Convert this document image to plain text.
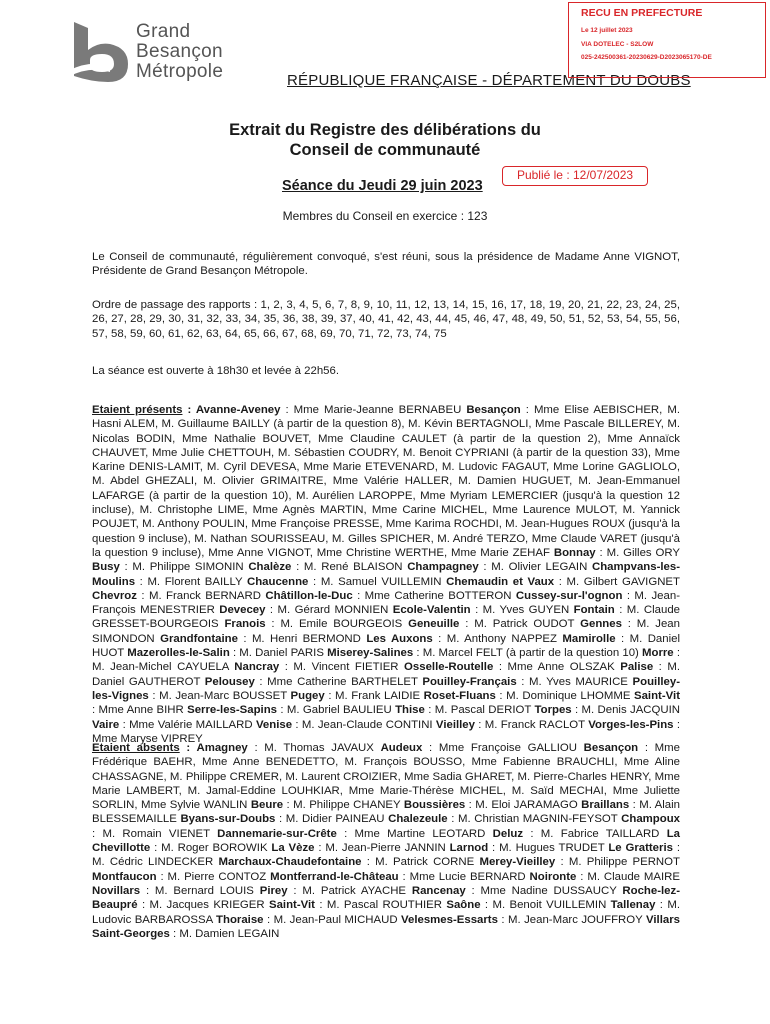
Grand
Besançon
Métropole	RÉPUBLIQUE FRANÇAISE - DÉPARTEMENT DU DOUBS
RECU EN PREFECTURE
Le 12 juillet 2023
VIA DOTELEC - S2LOW
025-242500361-20230629-D2023065170-DE
Extrait du Registre des délibérations du
Conseil de communauté
Publié le : 12/07/2023
Séance du Jeudi 29 juin 2023
Membres du Conseil en exercice : 123
Le Conseil de communauté, régulièrement convoqué, s'est réuni, sous la présidence de Madame Anne VIGNOT, Présidente de Grand Besançon Métropole.
Ordre de passage des rapports : 1, 2, 3, 4, 5, 6, 7, 8, 9, 10, 11, 12, 13, 14, 15, 16, 17, 18, 19, 20, 21, 22, 23, 24, 25, 26, 27, 28, 29, 30, 31, 32, 33, 34, 35, 36, 38, 39, 37, 40, 41, 42, 43, 44, 45, 46, 47, 48, 49, 50, 51, 52, 53, 54, 55, 56, 57, 58, 59, 60, 61, 62, 63, 64, 65, 66, 67, 68, 69, 70, 71, 72, 73, 74, 75
La séance est ouverte à 18h30 et levée à 22h56.
Etaient présents : Avanne-Aveney : Mme Marie-Jeanne BERNABEU Besançon : Mme Elise AEBISCHER, M. Hasni ALEM, M. Guillaume BAILLY (à partir de la question 8), M. Kévin BERTAGNOLI, Mme Pascale BILLEREY, M. Nicolas BODIN, Mme Nathalie BOUVET, Mme Claudine CAULET (à partir de la question 2), Mme Annaïck CHAUVET, Mme Julie CHETTOUH, M. Sébastien COUDRY, M. Benoit CYPRIANI (à partir de la question 33), Mme Karine DENIS-LAMIT, M. Cyril DEVESA, Mme Marie ETEVENARD, M. Ludovic FAGAUT, Mme Lorine GAGLIOLO, M. Abdel GHEZALI, M. Olivier GRIMAITRE, Mme Valérie HALLER, M. Damien HUGUET, M. Jean-Emmanuel LAFARGE (à partir de la question 10), M. Aurélien LAROPPE, Mme Myriam LEMERCIER (jusqu'à la question 12 incluse), M. Christophe LIME, Mme Agnès MARTIN, Mme Carine MICHEL, Mme Laurence MULOT, M. Yannick POUJET, M. Anthony POULIN, Mme Françoise PRESSE, Mme Karima ROCHDI, M. Jean-Hugues ROUX (jusqu'à la question 9 incluse), M. Nathan SOURISSEAU, M. Gilles SPICHER, M. André TERZO, Mme Claude VARET (jusqu'à la question 9 incluse), Mme Anne VIGNOT, Mme Christine WERTHE, Mme Marie ZEHAF Bonnay : M. Gilles ORY Busy : M. Philippe SIMONIN Chalèze : M. René BLAISON Champagney : M. Olivier LEGAIN Champvans-les-Moulins : M. Florent BAILLY Chaucenne : M. Samuel VUILLEMIN Chemaudin et Vaux : M. Gilbert GAVIGNET Chevroz : M. Franck BERNARD Châtillon-le-Duc : Mme Catherine BOTTERON Cussey-sur-l'ognon : M. Jean-François MENESTRIER Devecey : M. Gérard MONNIEN Ecole-Valentin : M. Yves GUYEN Fontain : M. Claude GRESSET-BOURGEOIS Franois : M. Emile BOURGEOIS Geneuille : M. Patrick OUDOT Gennes : M. Jean SIMONDON Grandfontaine : M. Henri BERMOND Les Auxons : M. Anthony NAPPEZ Mamirolle : M. Daniel HUOT Mazerolles-le-Salin : M. Daniel PARIS Miserey-Salines : M. Marcel FELT (à partir de la question 10) Morre : M. Jean-Michel CAYUELA Nancray : M. Vincent FIETIER Osselle-Routelle : Mme Anne OLSZAK Palise : M. Daniel GAUTHEROT Pelousey : Mme Catherine BARTHELET Pouilley-Français : M. Yves MAURICE Pouilley-les-Vignes : M. Jean-Marc BOUSSET Pugey : M. Frank LAIDIE Roset-Fluans : M. Dominique LHOMME Saint-Vit : Mme Anne BIHR Serre-les-Sapins : M. Gabriel BAULIEU Thise : M. Pascal DERIOT Torpes : M. Denis JACQUIN Vaire : Mme Valérie MAILLARD Venise : M. Jean-Claude CONTINI Vieilley : M. Franck RACLOT Vorges-les-Pins : Mme Maryse VIPREY
Etaient absents : Amagney : M. Thomas JAVAUX Audeux : Mme Françoise GALLIOU Besançon : Mme Frédérique BAEHR, Mme Anne BENEDETTO, M. François BOUSSO, Mme Fabienne BRAUCHLI, Mme Aline CHASSAGNE, M. Philippe CREMER, M. Laurent CROIZIER, Mme Sadia GHARET, M. Pierre-Charles HENRY, Mme Marie LAMBERT, M. Jamal-Eddine LOUHKIAR, Mme Marie-Thérèse MICHEL, M. Saïd MECHAI, Mme Juliette SORLIN, Mme Sylvie WANLIN Beure : M. Philippe CHANEY Boussières : M. Eloi JARAMAGO Braillans : M. Alain BLESSEMAILLE Byans-sur-Doubs : M. Didier PAINEAU Chalezeule : M. Christian MAGNIN-FEYSOT Champoux : M. Romain VIENET Dannemarie-sur-Crête : Mme Martine LEOTARD Deluz : M. Fabrice TAILLARD La Chevillotte : M. Roger BOROWIK La Vèze : M. Jean-Pierre JANNIN Larnod : M. Hugues TRUDET Le Gratteris : M. Cédric LINDECKER Marchaux-Chaudefontaine : M. Patrick CORNE Merey-Vieilley : M. Philippe PERNOT Montfaucon : M. Pierre CONTOZ Montferrand-le-Château : Mme Lucie BERNARD Noironte : M. Claude MAIRE Novillars : M. Bernard LOUIS Pirey : M. Patrick AYACHE Rancenay : Mme Nadine DUSSAUCY Roche-lez-Beaupré : M. Jacques KRIEGER Saint-Vit : M. Pascal ROUTHIER Saône : M. Benoit VUILLEMIN Tallenay : M. Ludovic BARBAROSSA Thoraise : M. Jean-Paul MICHAUD Velesmes-Essarts : M. Jean-Marc JOUFFROY Villars Saint-Georges : M. Damien LEGAIN
